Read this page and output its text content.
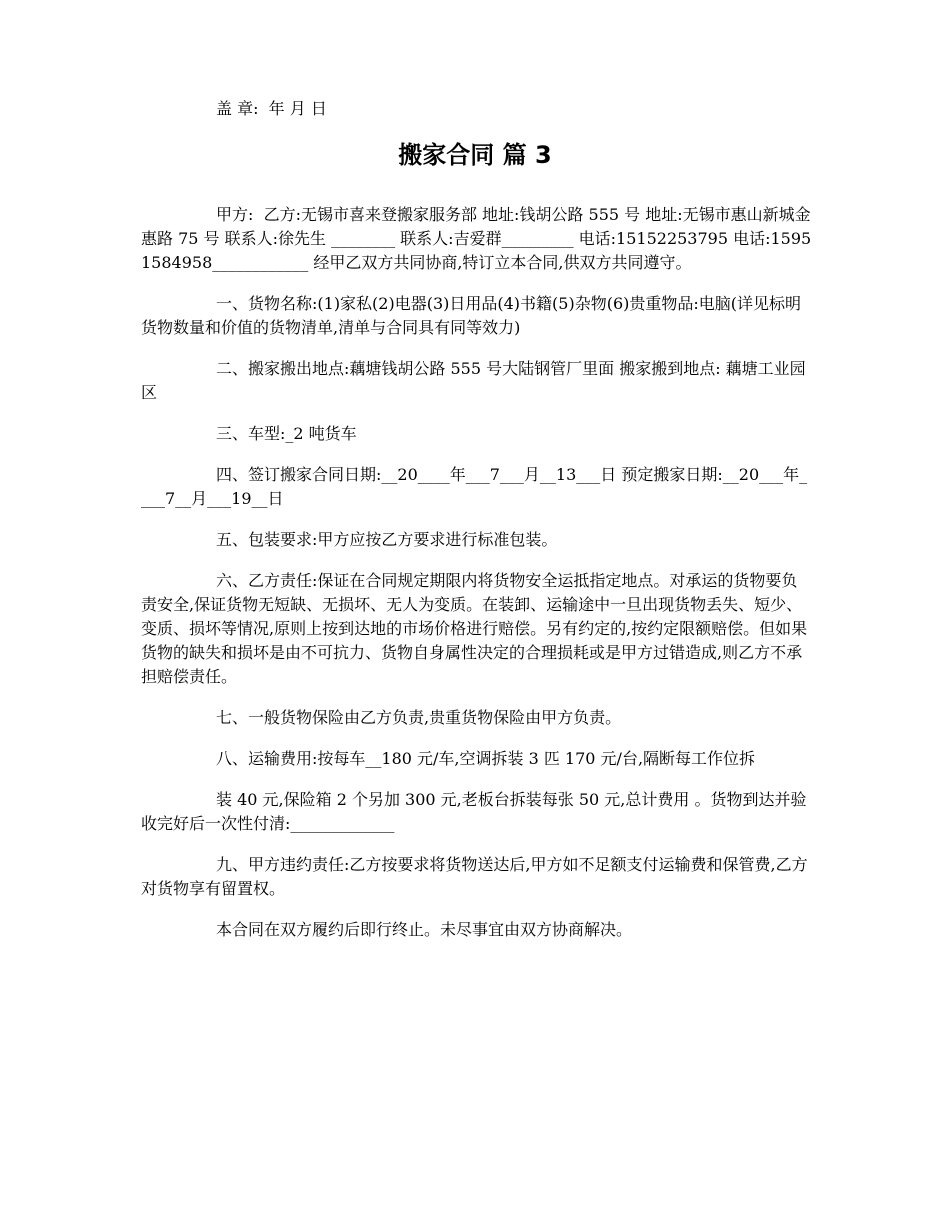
盖 章:  年 月 日
搬家合同 篇 3

甲方:  乙方:无锡市喜来登搬家服务部 地址:钱胡公路 555 号 地址:无锡市惠山新城金惠路 75 号 联系人:徐先生 ________ 联系人:吉爱群_________ 电话:15152253795 电话:15951584958____________ 经甲乙双方共同协商,特订立本合同,供双方共同遵守。

一、货物名称:(1)家私(2)电器(3)日用品(4)书籍(5)杂物(6)贵重物品:电脑(详见标明货物数量和价值的货物清单,清单与合同具有同等效力)

二、搬家搬出地点:藕塘钱胡公路 555 号大陆钢管厂里面 搬家搬到地点: 藕塘工业园区

三、车型:_2 吨货车

四、签订搬家合同日期:__20____年___7___月__13___日 预定搬家日期:__20___年____7__月___19__日

五、包装要求:甲方应按乙方要求进行标准包装。

六、乙方责任:保证在合同规定期限内将货物安全运抵指定地点。对承运的货物要负责安全,保证货物无短缺、无损坏、无人为变质。在装卸、运输途中一旦出现货物丢失、短少、变质、损坏等情况,原则上按到达地的市场价格进行赔偿。另有约定的,按约定限额赔偿。但如果货物的缺失和损坏是由不可抗力、货物自身属性决定的合理损耗或是甲方过错造成,则乙方不承担赔偿责任。

七、一般货物保险由乙方负责,贵重货物保险由甲方负责。

八、运输费用:按每车__180 元/车,空调拆装 3 匹 170 元/台,隔断每工作位拆

装 40 元,保险箱 2 个另加 300 元,老板台拆装每张 50 元,总计费用 。货物到达并验收完好后一次性付清:_____________

九、甲方违约责任:乙方按要求将货物送达后,甲方如不足额支付运输费和保管费,乙方对货物享有留置权。

本合同在双方履约后即行终止。未尽事宜由双方协商解决。
